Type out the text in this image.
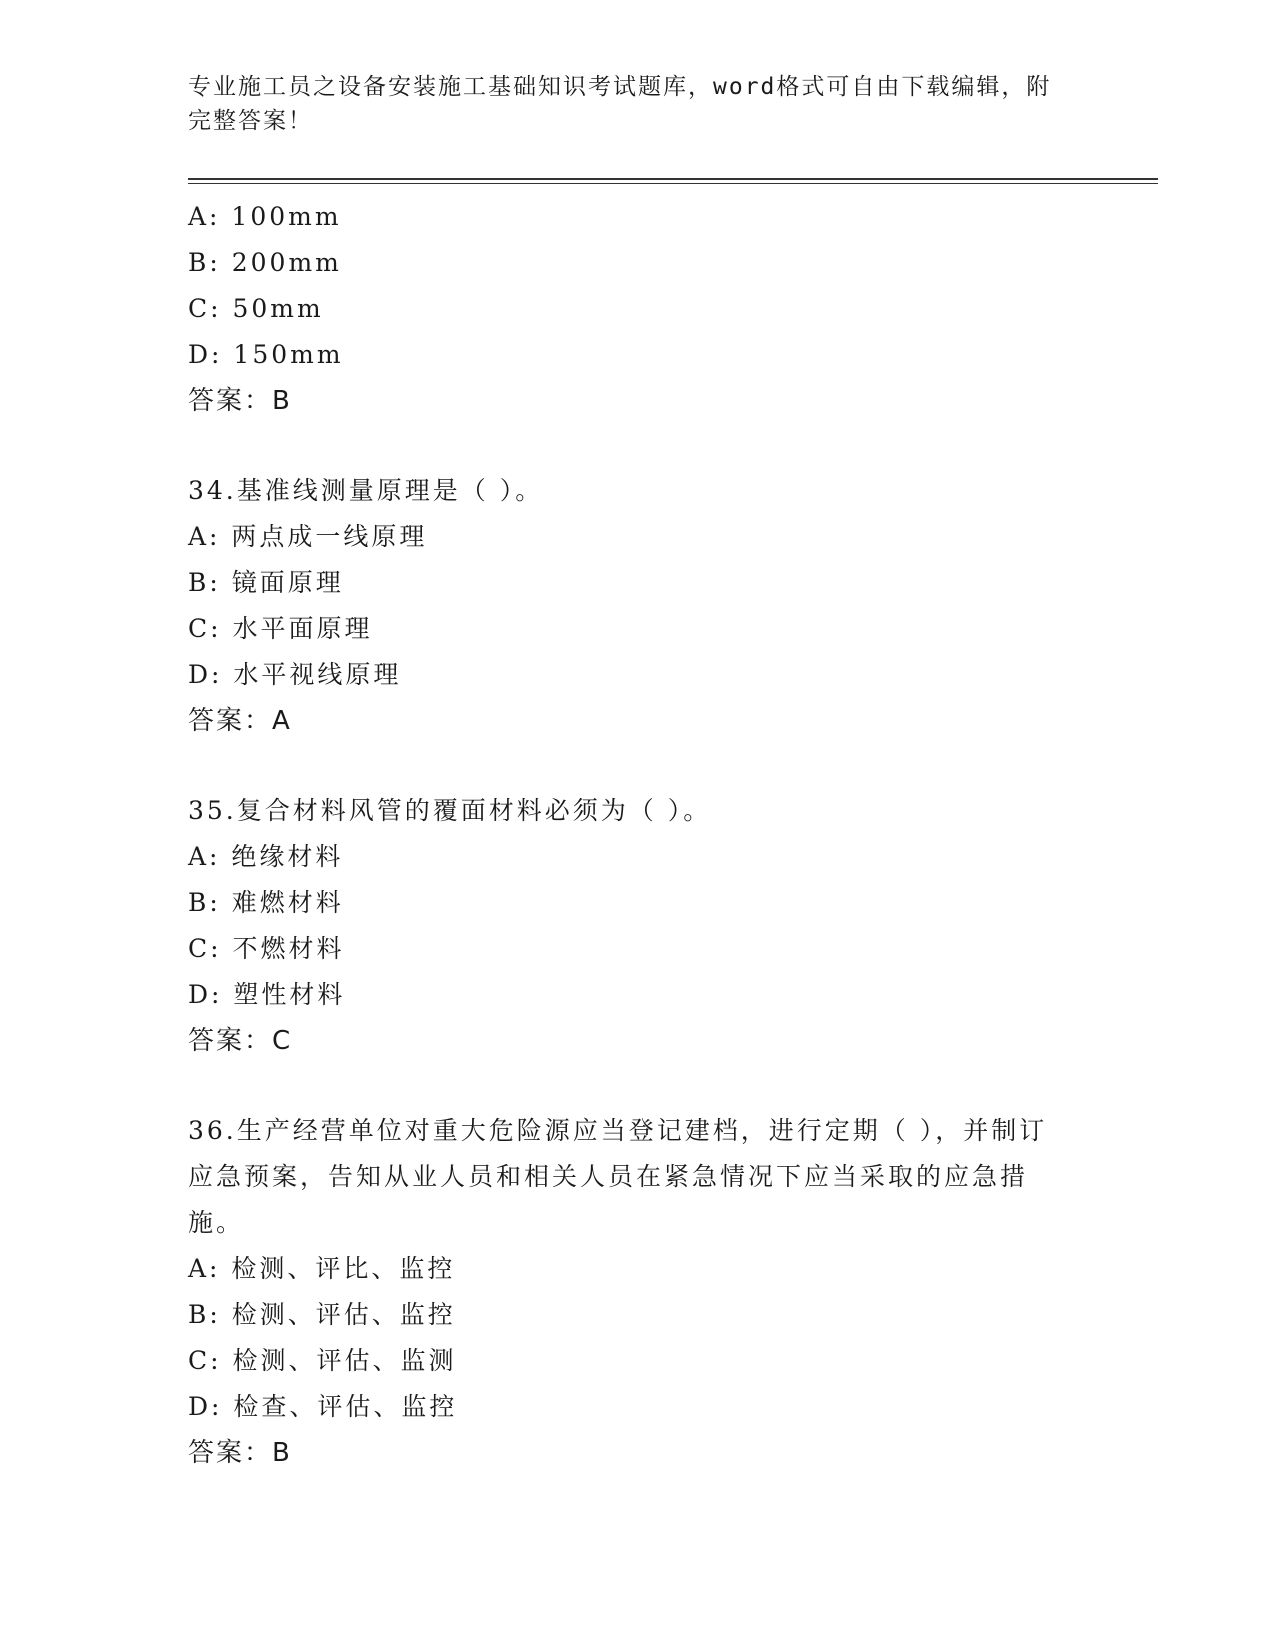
专业施工员之设备安装施工基础知识考试题库，word格式可自由下载编辑，附完整答案！

A: 100mm
B: 200mm
C: 50mm
D: 150mm
答案：B
34.基准线测量原理是（ ）。
A: 两点成一线原理
B: 镜面原理
C: 水平面原理
D: 水平视线原理
答案：A
35.复合材料风管的覆面材料必须为（ ）。
A: 绝缘材料
B: 难燃材料
C: 不燃材料
D: 塑性材料
答案：C
36.生产经营单位对重大危险源应当登记建档，进行定期（ ），并制订应急预案，告知从业人员和相关人员在紧急情况下应当采取的应急措施。
A: 检测、评比、监控
B: 检测、评估、监控
C: 检测、评估、监测
D: 检查、评估、监控
答案：B
